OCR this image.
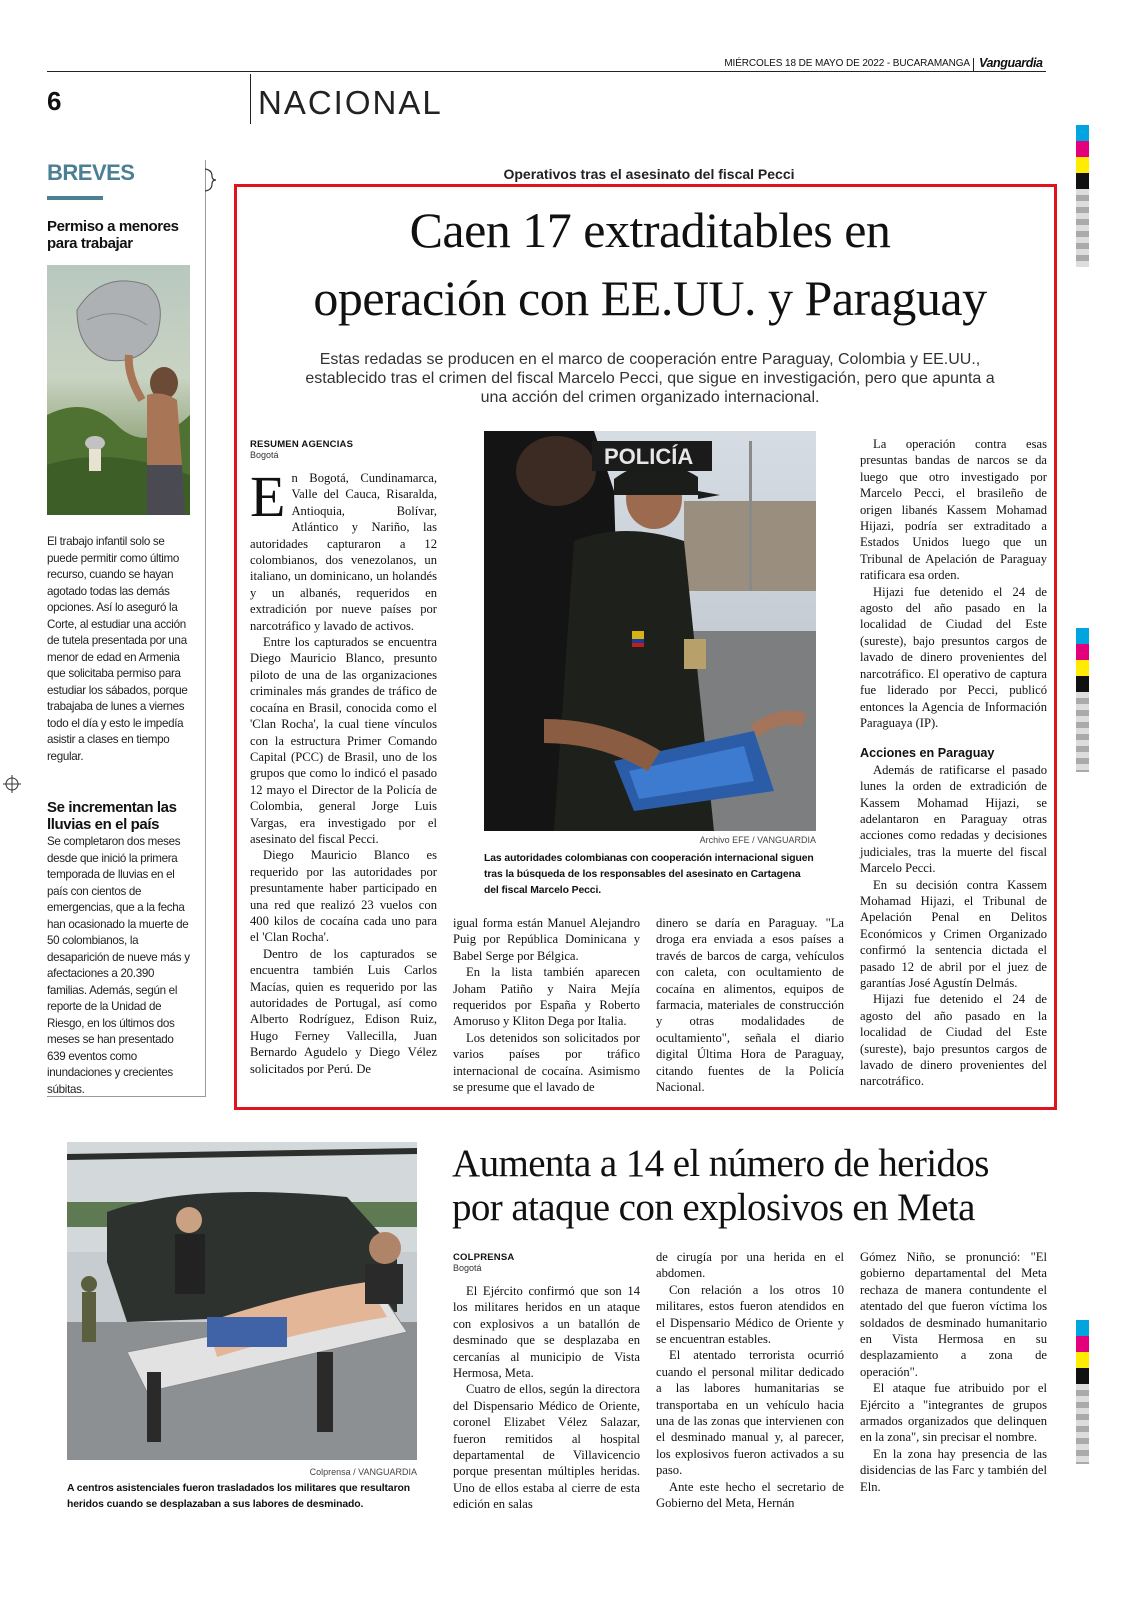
MIÉRCOLES 18 DE MAYO DE 2022 - BUCARAMANGA Vanguardia
6	NACIONAL
BREVES
Permiso a menores para trabajar
El trabajo infantil solo se puede permitir como último recurso, cuando se hayan agotado todas las demás opciones. Así lo aseguró la Corte, al estudiar una acción de tutela presentada por una menor de edad en Armenia que solicitaba permiso para estudiar los sábados, porque trabajaba de lunes a viernes todo el día y esto le impedía asistir a clases en tiempo regular.
Se incrementan las lluvias en el país
Se completaron dos meses desde que inició la primera temporada de lluvias en el país con cientos de emergencias, que a la fecha han ocasionado la muerte de 50 colombianos, la desaparición de nueve más y afectaciones a 20.390 familias. Además, según el reporte de la Unidad de Riesgo, en los últimos dos meses se han presentado 639 eventos como inundaciones y crecientes súbitas.
Operativos tras el asesinato del fiscal Pecci
Caen 17 extraditables en
operación con EE.UU. y Paraguay
Estas redadas se producen en el marco de cooperación entre Paraguay, Colombia y EE.UU., establecido tras el crimen del fiscal Marcelo Pecci, que sigue en investigación, pero que apunta a una acción del crimen organizado internacional.
RESUMEN AGENCIAS
Bogotá
E n Bogotá, Cundinamarca, Valle del Cauca, Risaralda, Antioquia, Bolívar, Atlántico y Nariño, las autoridades capturaron a 12 colombianos, dos venezolanos, un italiano, un dominicano, un holandés y un albanés, requeridos en extradición por nueve países por narcotráfico y lavado de activos.

Entre los capturados se encuentra Diego Mauricio Blanco, presunto piloto de una de las organizaciones criminales más grandes de tráfico de cocaína en Brasil, conocida como el 'Clan Rocha', la cual tiene vínculos con la estructura Primer Comando Capital (PCC) de Brasil, uno de los grupos que como lo indicó el pasado 12 mayo el Director de la Policía de Colombia, general Jorge Luis Vargas, era investigado por el asesinato del fiscal Pecci.

Diego Mauricio Blanco es requerido por las autoridades por presuntamente haber participado en una red que realizó 23 vuelos con 400 kilos de cocaína cada uno para el 'Clan Rocha'.

Dentro de los capturados se encuentra también Luis Carlos Macías, quien es requerido por las autoridades de Portugal, así como Alberto Rodríguez, Edison Ruiz, Hugo Ferney Vallecilla, Juan Bernardo Agudelo y Diego Vélez solicitados por Perú. De

POLICÍA
Archivo EFE / VANGUARDIA
Las autoridades colombianas con cooperación internacional siguen tras la búsqueda de los responsables del asesinato en Cartagena del fiscal Marcelo Pecci.

igual forma están Manuel Alejandro Puig por República Dominicana y Babel Serge por Bélgica.

En la lista también aparecen Joham Patiño y Naira Mejía requeridos por España y Roberto Amoruso y Kliton Dega por Italia.

Los detenidos son solicitados por varios países por tráfico internacional de cocaína. Asimismo se presume que el lavado de

dinero se daría en Paraguay. "La droga era enviada a esos países a través de barcos de carga, vehículos con caleta, con ocultamiento de cocaína en alimentos, equipos de farmacia, materiales de construcción y otras modalidades de ocultamiento", señala el diario digital Última Hora de Paraguay, citando fuentes de la Policía Nacional.

La operación contra esas presuntas bandas de narcos se da luego que otro investigado por Marcelo Pecci, el brasileño de origen libanés Kassem Mohamad Hijazi, podría ser extraditado a Estados Unidos luego que un Tribunal de Apelación de Paraguay ratificara esa orden.

Hijazi fue detenido el 24 de agosto del año pasado en la localidad de Ciudad del Este (sureste), bajo presuntos cargos de lavado de dinero provenientes del narcotráfico. El operativo de captura fue liderado por Pecci, publicó entonces la Agencia de Información Paraguaya (IP).

Acciones en Paraguay

Además de ratificarse el pasado lunes la orden de extradición de Kassem Mohamad Hijazi, se adelantaron en Paraguay otras acciones como redadas y decisiones judiciales, tras la muerte del fiscal Marcelo Pecci.

En su decisión contra Kassem Mohamad Hijazi, el Tribunal de Apelación Penal en Delitos Económicos y Crimen Organizado confirmó la sentencia dictada el pasado 12 de abril por el juez de garantías José Agustín Delmás.

Hijazi fue detenido el 24 de agosto del año pasado en la localidad de Ciudad del Este (sureste), bajo presuntos cargos de lavado de dinero provenientes del narcotráfico.

Colprensa / VANGUARDIA
A centros asistenciales fueron trasladados los militares que resultaron heridos cuando se desplazaban a sus labores de desminado.
Aumenta a 14 el número de heridos
por ataque con explosivos en Meta
COLPRENSA
Bogotá

El Ejército confirmó que son 14 los militares heridos en un ataque con explosivos a un batallón de desminado que se desplazaba en cercanías al municipio de Vista Hermosa, Meta.

Cuatro de ellos, según la directora del Dispensario Médico de Oriente, coronel Elizabet Vélez Salazar, fueron remitidos al hospital departamental de Villavicencio porque presentan múltiples heridas. Uno de ellos estaba al cierre de esta edición en salas

de cirugía por una herida en el abdomen.

Con relación a los otros 10 militares, estos fueron atendidos en el Dispensario Médico de Oriente y se encuentran estables.

El atentado terrorista ocurrió cuando el personal militar dedicado a las labores humanitarias se transportaba en un vehículo hacia una de las zonas que intervienen con el desminado manual y, al parecer, los explosivos fueron activados a su paso.

Ante este hecho el secretario de Gobierno del Meta, Hernán

Gómez Niño, se pronunció: "El gobierno departamental del Meta rechaza de manera contundente el atentado del que fueron víctima los soldados de desminado humanitario en Vista Hermosa en su desplazamiento a zona de operación".

El ataque fue atribuido por el Ejército a "integrantes de grupos armados organizados que delinquen en la zona", sin precisar el nombre.

En la zona hay presencia de las disidencias de las Farc y también del Eln.
